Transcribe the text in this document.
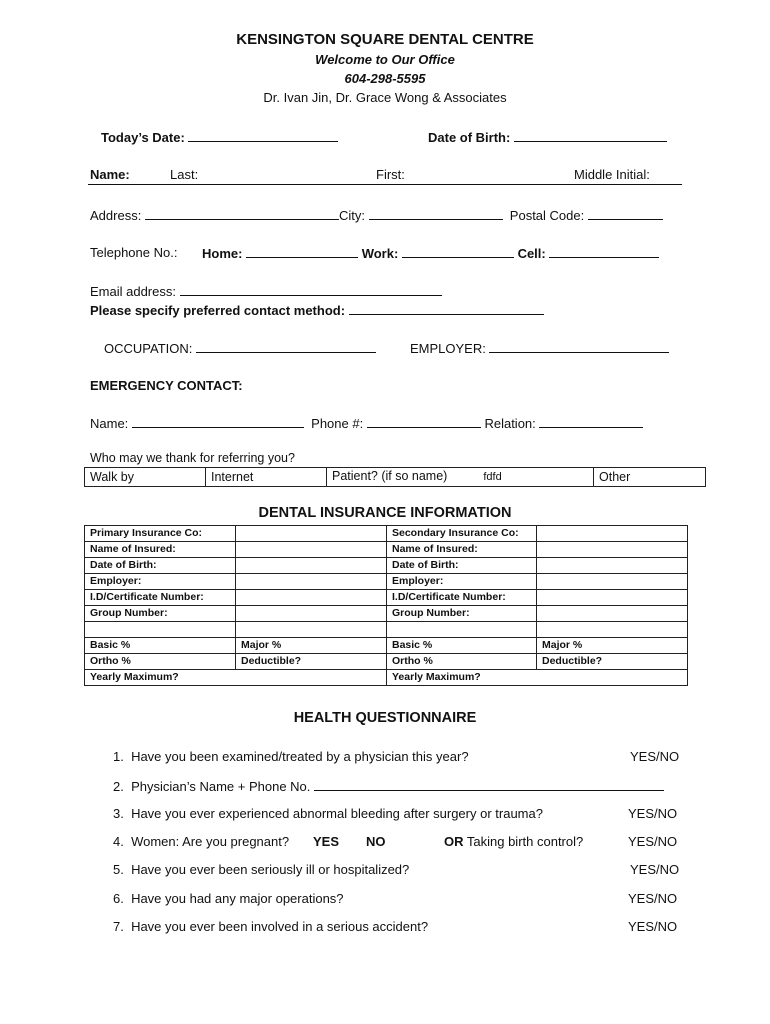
KENSINGTON SQUARE DENTAL CENTRE
Welcome to Our Office
604-298-5595
Dr. Ivan Jin, Dr. Grace Wong & Associates
Today’s Date:	Date of Birth:
Name:	Last:	First:	Middle Initial:
Address:	City:	Postal Code:
Telephone No.: Home:	Work:	Cell:
Email address:
Please specify preferred contact method:
OCCUPATION:	EMPLOYER:
EMERGENCY CONTACT:
Name:	Phone #:	Relation:
Who may we thank for referring you?
Walk by	Internet	Patient? (if so name)	fdfd	Other
DENTAL INSURANCE INFORMATION
Primary Insurance Co:		Secondary Insurance Co:	
Name of Insured:		Name of Insured:	
Date of Birth:		Date of Birth:	
Employer:		Employer:	
I.D/Certificate Number:		I.D/Certificate Number:	
Group Number:		Group Number:	

Basic %	Major %	Basic %	Major %
Ortho %	Deductible?	Ortho %	Deductible?
Yearly Maximum?		Yearly Maximum?	
HEALTH QUESTIONNAIRE
1.  Have you been examined/treated by a physician this year?	YES/NO
2.  Physician’s Name + Phone No.
3.  Have you ever experienced abnormal bleeding after surgery or trauma?	YES/NO
4.  Women: Are you pregnant? YES NO	OR Taking birth control?	YES/NO
5.  Have you ever been seriously ill or hospitalized?	YES/NO
6.  Have you had any major operations?	YES/NO
7.  Have you ever been involved in a serious accident?	YES/NO
